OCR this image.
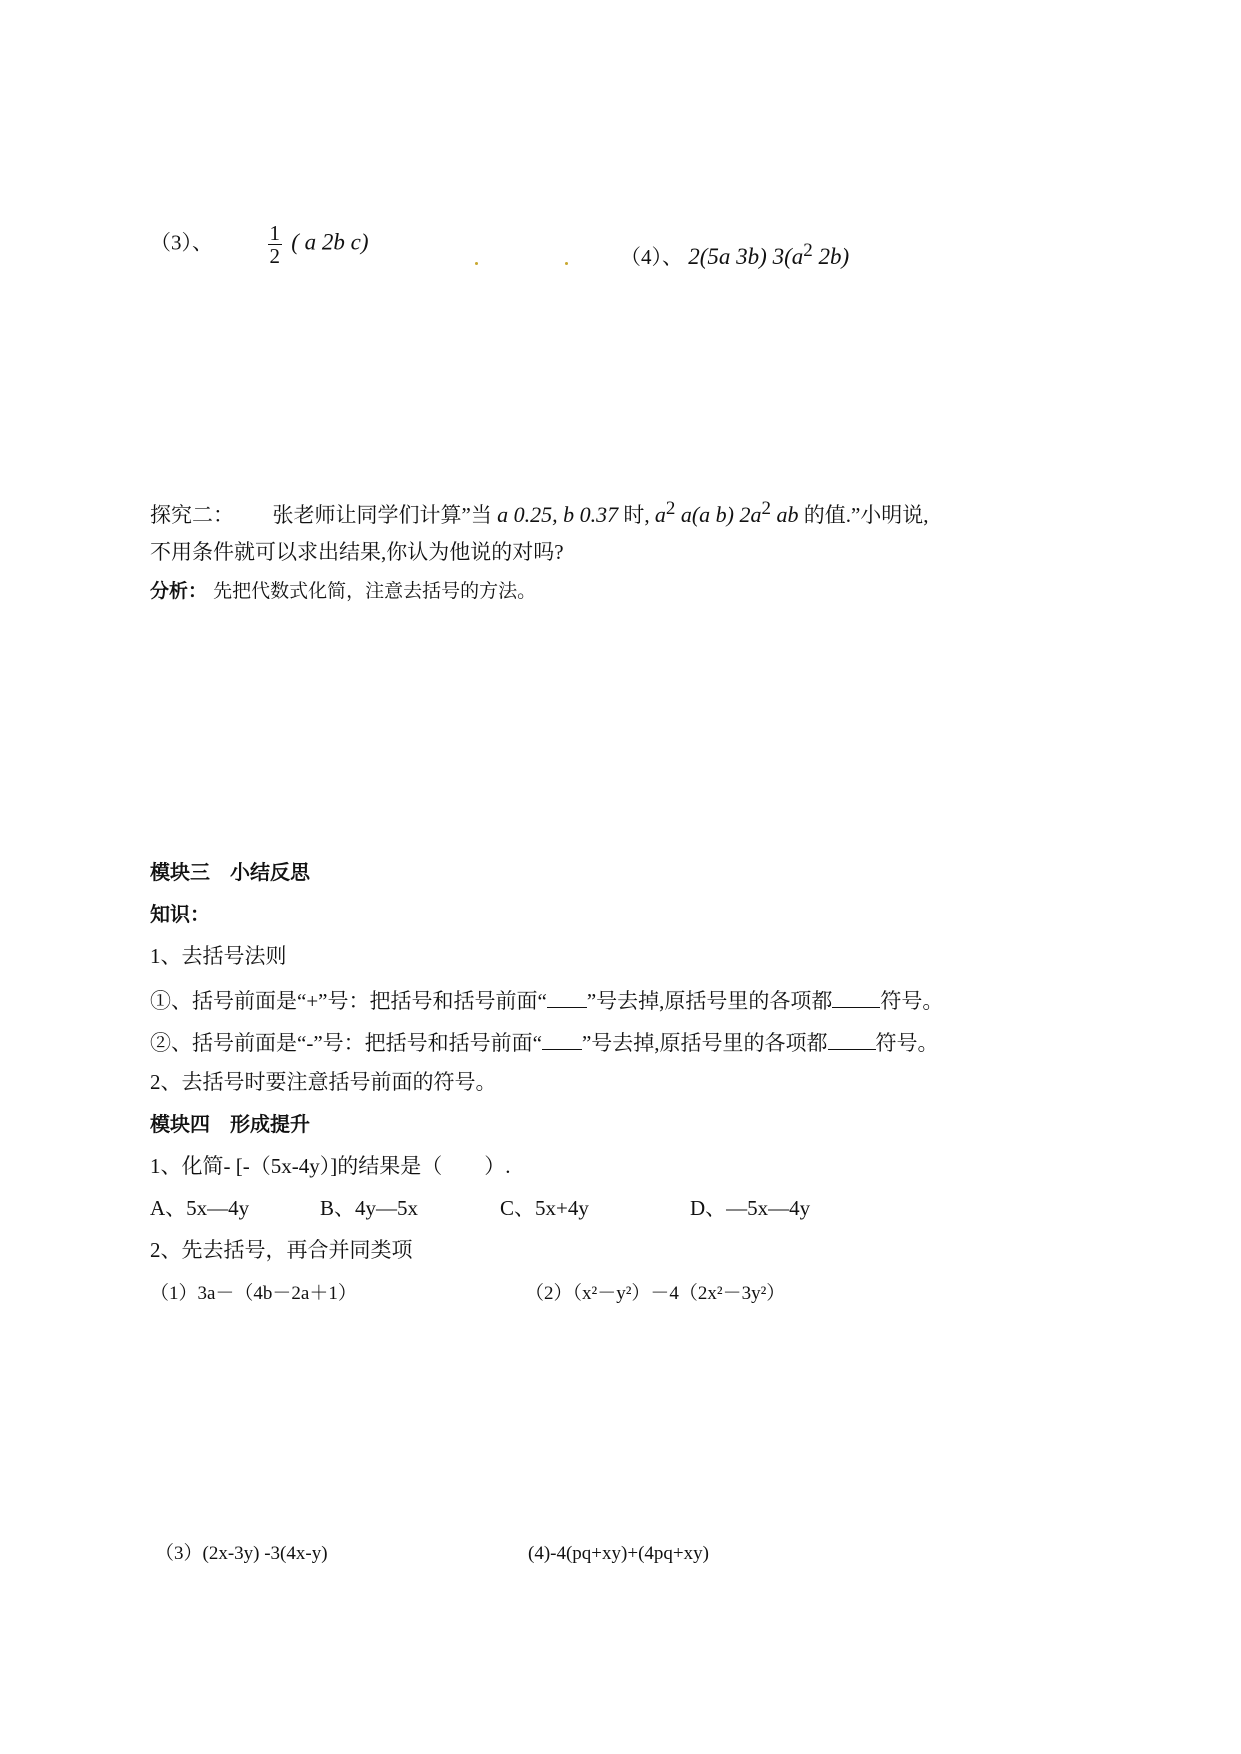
（3）、	$\frac{1}{2}$ ( a 2b c)
（4）、 2(5a 3b) $3(a^2$ 2b)
探究二： 张老师让同学们计算”当 a 0.25, b 0.37 时, $a^2$ a(a b) $2a^2$ ab 的值.”小明说,
不用条件就可以求出结果,你认为他说的对吗?
分析： 先把代数式化简，注意去括号的方法。
模块三　小结反思
知识：
1、去括号法则
①、括号前面是“+”号：把括号和括号前面“ ”号去掉,原括号里的各项都 符号。
②、括号前面是“-”号：把括号和括号前面“ ”号去掉,原括号里的各项都 符号。
2、去括号时要注意括号前面的符号。
模块四　形成提升
1、化简- [-（5x-4y）]的结果是（　　）.
A、5x—4y	B、4y—5x	C、5x+4y	D、—5x—4y
2、先去括号，再合并同类项
（1）3a－（4b－2a＋1）	（2）（x²－y²）－4（2x²－3y²）
（3）(2x-3y) -3(4x-y)	(4)-4(pq+xy)+(4pq+xy)
